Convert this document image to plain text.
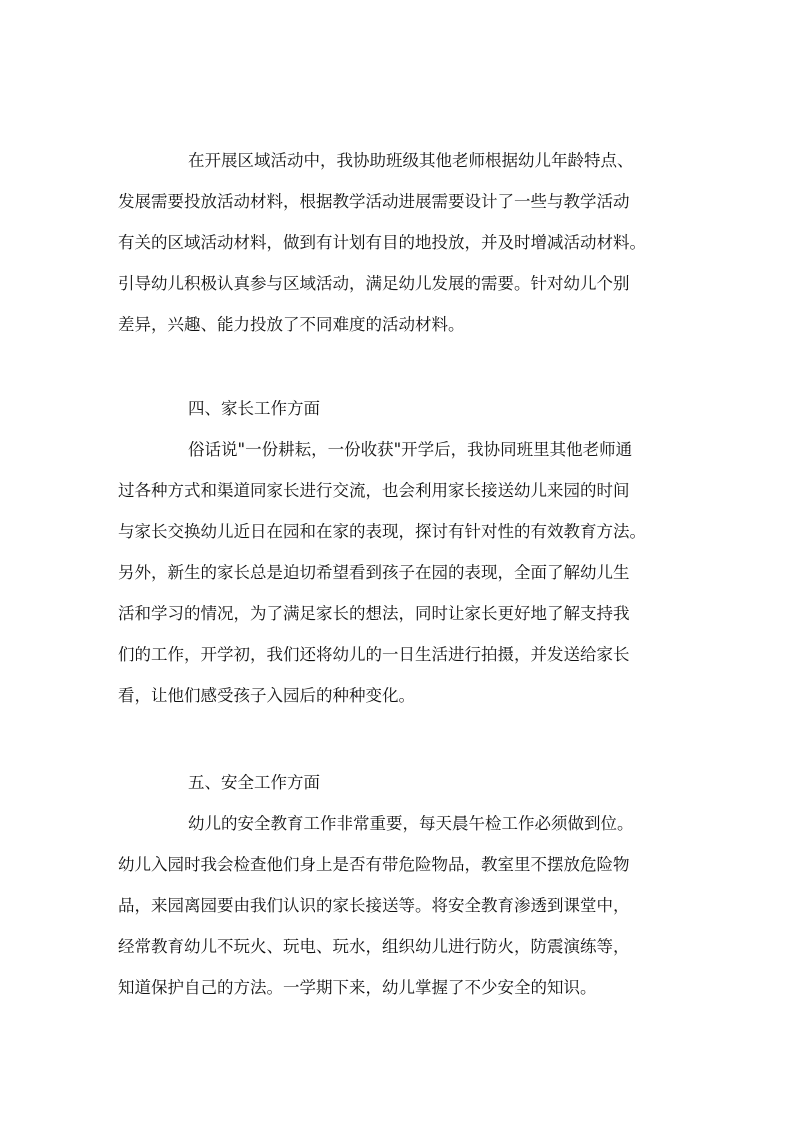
在开展区域活动中，我协助班级其他老师根据幼儿年龄特点、
发展需要投放活动材料，根据教学活动进展需要设计了一些与教学活动
有关的区域活动材料，做到有计划有目的地投放，并及时增减活动材料。
引导幼儿积极认真参与区域活动，满足幼儿发展的需要。针对幼儿个别
差异，兴趣、能力投放了不同难度的活动材料。
四、家长工作方面
俗话说"一份耕耘，一份收获"开学后，我协同班里其他老师通
过各种方式和渠道同家长进行交流，也会利用家长接送幼儿来园的时间
与家长交换幼儿近日在园和在家的表现，探讨有针对性的有效教育方法。
另外，新生的家长总是迫切希望看到孩子在园的表现，全面了解幼儿生
活和学习的情况，为了满足家长的想法，同时让家长更好地了解支持我
们的工作，开学初，我们还将幼儿的一日生活进行拍摄，并发送给家长
看，让他们感受孩子入园后的种种变化。
五、安全工作方面
幼儿的安全教育工作非常重要，每天晨午检工作必须做到位。
幼儿入园时我会检查他们身上是否有带危险物品，教室里不摆放危险物
品，来园离园要由我们认识的家长接送等。将安全教育渗透到课堂中，
经常教育幼儿不玩火、玩电、玩水，组织幼儿进行防火，防震演练等，
知道保护自己的方法。一学期下来，幼儿掌握了不少安全的知识。
